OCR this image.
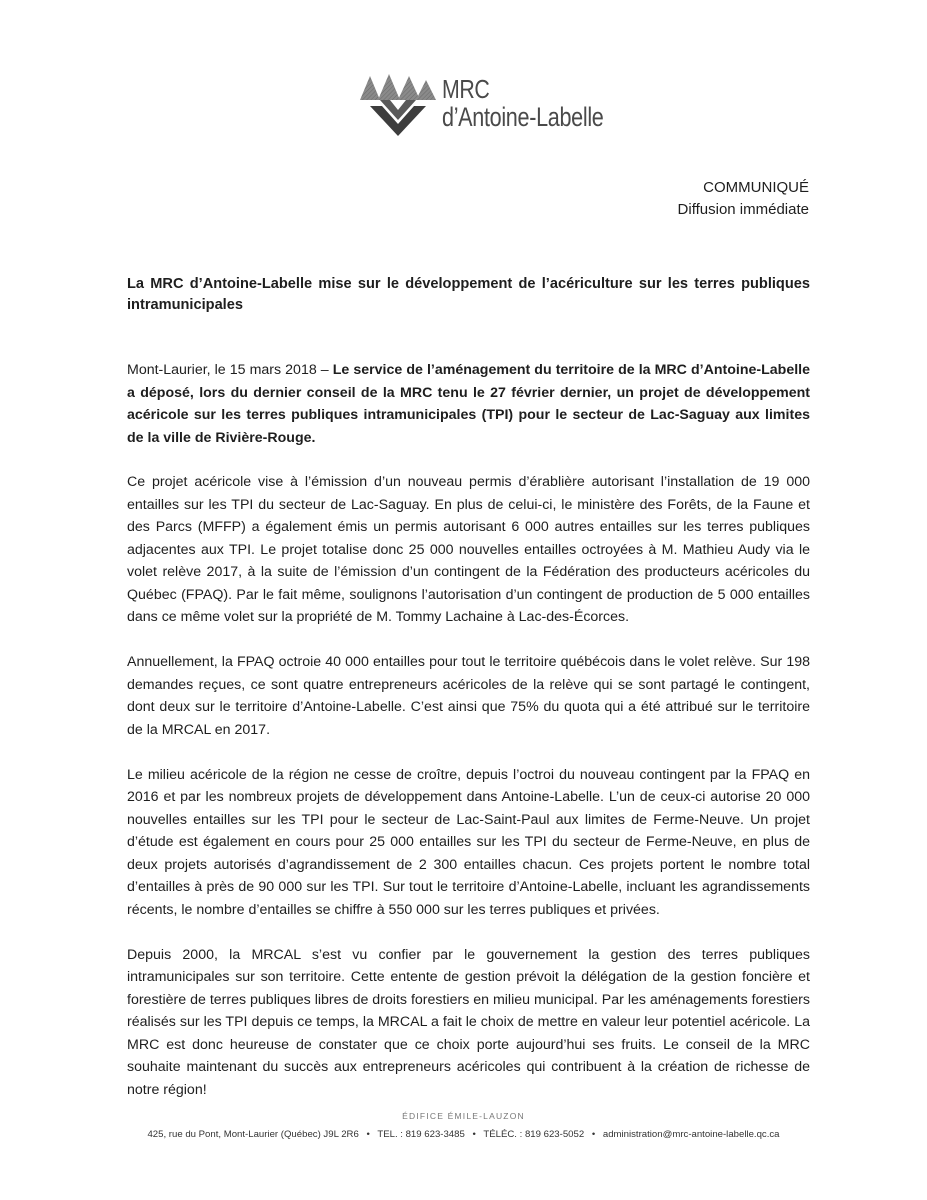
MRC
d’Antoine-Labelle
COMMUNIQUÉ
Diffusion immédiate
La MRC d’Antoine-Labelle mise sur le développement de l’acériculture sur les terres publiques intramunicipales

Mont-Laurier, le 15 mars 2018 – Le service de l’aménagement du territoire de la MRC d’Antoine-Labelle a déposé, lors du dernier conseil de la MRC tenu le 27 février dernier, un projet de développement acéricole sur les terres publiques intramunicipales (TPI) pour le secteur de Lac-Saguay aux limites de la ville de Rivière-Rouge.

Ce projet acéricole vise à l’émission d’un nouveau permis d’érablière autorisant l’installation de 19 000 entailles sur les TPI du secteur de Lac-Saguay. En plus de celui-ci, le ministère des Forêts, de la Faune et des Parcs (MFFP) a également émis un permis autorisant 6 000 autres entailles sur les terres publiques adjacentes aux TPI. Le projet totalise donc 25 000 nouvelles entailles octroyées à M. Mathieu Audy via le volet relève 2017, à la suite de l’émission d’un contingent de la Fédération des producteurs acéricoles du Québec (FPAQ). Par le fait même, soulignons l’autorisation d’un contingent de production de 5 000 entailles dans ce même volet sur la propriété de M. Tommy Lachaine à Lac-des-Écorces.

Annuellement, la FPAQ octroie 40 000 entailles pour tout le territoire québécois dans le volet relève. Sur 198 demandes reçues, ce sont quatre entrepreneurs acéricoles de la relève qui se sont partagé le contingent, dont deux sur le territoire d’Antoine-Labelle. C’est ainsi que 75% du quota qui a été attribué sur le territoire de la MRCAL en 2017.

Le milieu acéricole de la région ne cesse de croître, depuis l’octroi du nouveau contingent par la FPAQ en 2016 et par les nombreux projets de développement dans Antoine-Labelle. L’un de ceux-ci autorise 20 000 nouvelles entailles sur les TPI pour le secteur de Lac-Saint-Paul aux limites de Ferme-Neuve. Un projet d’étude est également en cours pour 25 000 entailles sur les TPI du secteur de Ferme-Neuve, en plus de deux projets autorisés d’agrandissement de 2 300 entailles chacun. Ces projets portent le nombre total d’entailles à près de 90 000 sur les TPI. Sur tout le territoire d’Antoine-Labelle, incluant les agrandissements récents, le nombre d’entailles se chiffre à 550 000 sur les terres publiques et privées.

Depuis 2000, la MRCAL s’est vu confier par le gouvernement la gestion des terres publiques intramunicipales sur son territoire. Cette entente de gestion prévoit la délégation de la gestion foncière et forestière de terres publiques libres de droits forestiers en milieu municipal. Par les aménagements forestiers réalisés sur les TPI depuis ce temps, la MRCAL a fait le choix de mettre en valeur leur potentiel acéricole. La MRC est donc heureuse de constater que ce choix porte aujourd’hui ses fruits. Le conseil de la MRC souhaite maintenant du succès aux entrepreneurs acéricoles qui contribuent à la création de richesse de notre région!

ÉDIFICE ÉMILE-LAUZON
425, rue du Pont, Mont-Laurier (Québec) J9L 2R6 • TEL. : 819 623-3485 • TÉLÉC. : 819 623-5052 • administration@mrc-antoine-labelle.qc.ca
